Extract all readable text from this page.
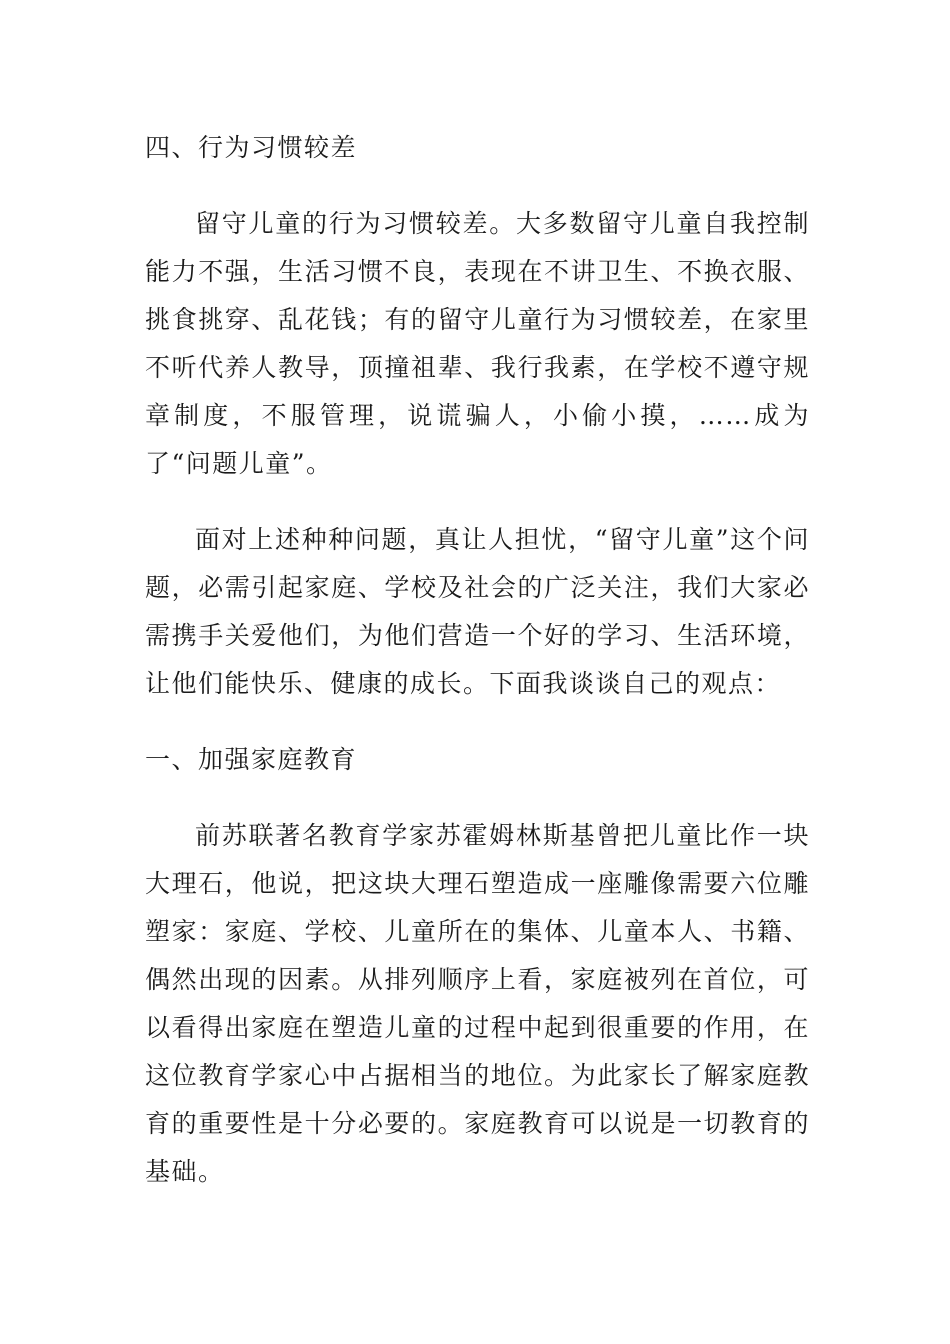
四、行为习惯较差

留守儿童的行为习惯较差。大多数留守儿童自我控制能力不强，生活习惯不良，表现在不讲卫生、不换衣服、挑食挑穿、乱花钱；有的留守儿童行为习惯较差，在家里不听代养人教导，顶撞祖辈、我行我素，在学校不遵守规章制度，不服管理，说谎骗人，小偷小摸，……成为了“问题儿童”。

面对上述种种问题，真让人担忧，“留守儿童”这个问题，必需引起家庭、学校及社会的广泛关注，我们大家必需携手关爱他们，为他们营造一个好的学习、生活环境，让他们能快乐、健康的成长。下面我谈谈自己的观点：

一、加强家庭教育

前苏联著名教育学家苏霍姆林斯基曾把儿童比作一块大理石，他说，把这块大理石塑造成一座雕像需要六位雕塑家：家庭、学校、儿童所在的集体、儿童本人、书籍、偶然出现的因素。从排列顺序上看，家庭被列在首位，可以看得出家庭在塑造儿童的过程中起到很重要的作用，在这位教育学家心中占据相当的地位。为此家长了解家庭教育的重要性是十分必要的。家庭教育可以说是一切教育的基础。
